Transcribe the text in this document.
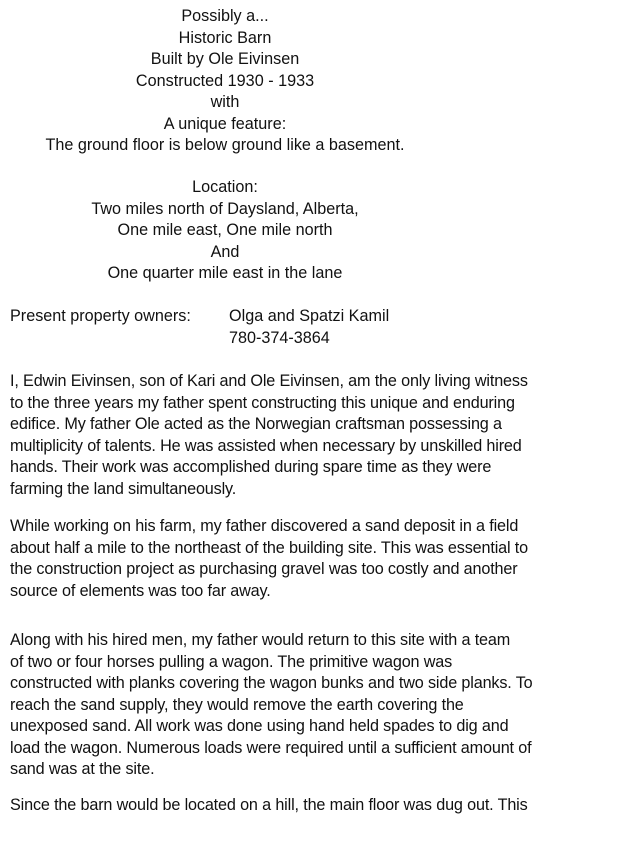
Possibly a...
Historic Barn
Built by Ole Eivinsen
Constructed 1930 - 1933
with
A unique feature:
The ground floor is below ground like a basement.
Location:
Two miles north of Daysland, Alberta,
One mile east, One mile north
And
One quarter mile east in the lane
Present property owners: Olga and Spatzi Kamil
780-374-3864
I, Edwin Eivinsen, son of Kari and Ole Eivinsen, am the only living witness
to the three years my father spent constructing this unique and enduring
edifice. My father Ole acted as the Norwegian craftsman possessing a
multiplicity of talents. He was assisted when necessary by unskilled hired
hands. Their work was accomplished during spare time as they were
farming the land simultaneously.
While working on his farm, my father discovered a sand deposit in a field
about half a mile to the northeast of the building site. This was essential to
the construction project as purchasing gravel was too costly and another
source of elements was too far away.
Along with his hired men, my father would return to this site with a team
of two or four horses pulling a wagon. The primitive wagon was
constructed with planks covering the wagon bunks and two side planks. To
reach the sand supply, they would remove the earth covering the
unexposed sand. All work was done using hand held spades to dig and
load the wagon. Numerous loads were required until a sufficient amount of
sand was at the site.
Since the barn would be located on a hill, the main floor was dug out. This
